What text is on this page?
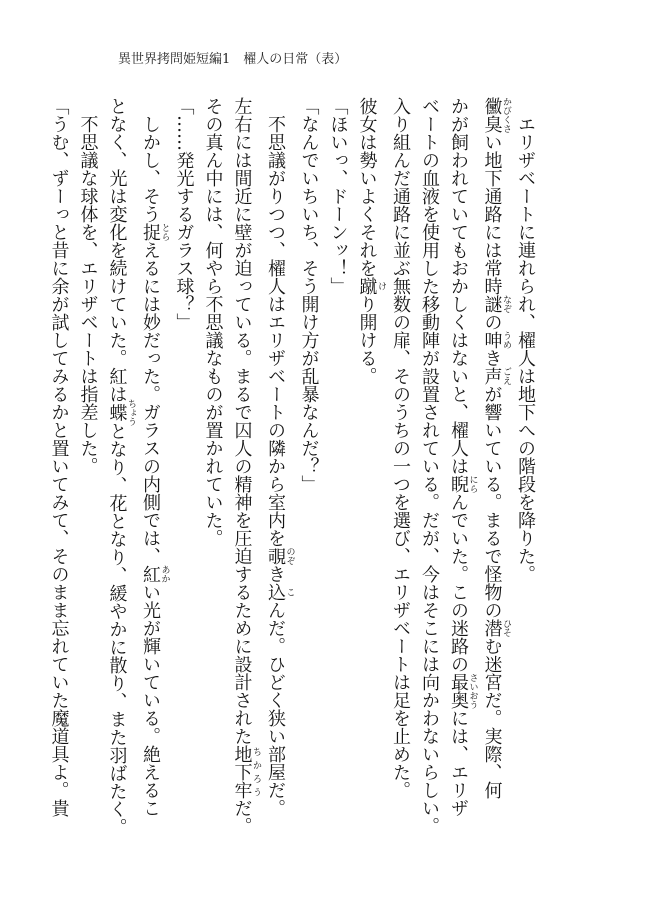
異世界拷問姫短編1　櫂人の日常（表）
エリザベートに連れられ、櫂人は地下への階段を降りた。
黴臭かびくさい地下通路には常時謎なぞの呻うめき声ごえが響いている。まるで怪物の潜ひそむ迷宮だ。実際、何
かが飼われていてもおかしくはないと、櫂人は睨にらんでいた。この迷路の最奥さいおうには、エリザ
ベートの血液を使用した移動陣が設置されている。だが、今はそこには向かわないらしい。
入り組んだ通路に並ぶ無数の扉、そのうちの一つを選び、エリザベートは足を止めた。
彼女は勢いよくそれを蹴けり開ける。
「ほいっ、ドーンッ！」
「なんでいちいち、そう開け方が乱暴なんだ？」
不思議がりつつ、櫂人はエリザベートの隣から室内を覗のぞき込こんだ。ひどく狭い部屋だ。
左右には間近に壁が迫っている。まるで囚人の精神を圧迫するために設計された地下牢ちかろうだ。
その真ん中には、何やら不思議なものが置かれていた。
「……発光するガラス球？」
しかし、そう捉とらえるには妙だった。ガラスの内側では、紅あかい光が輝いている。絶えるこ
となく、光は変化を続けていた。紅は蝶ちょうとなり、花となり、緩やかに散り、また羽ばたく。
不思議な球体を、エリザベートは指差した。
「うむ、ずーっと昔に余が試してみるかと置いてみて、そのまま忘れていた魔道具よ。貴
